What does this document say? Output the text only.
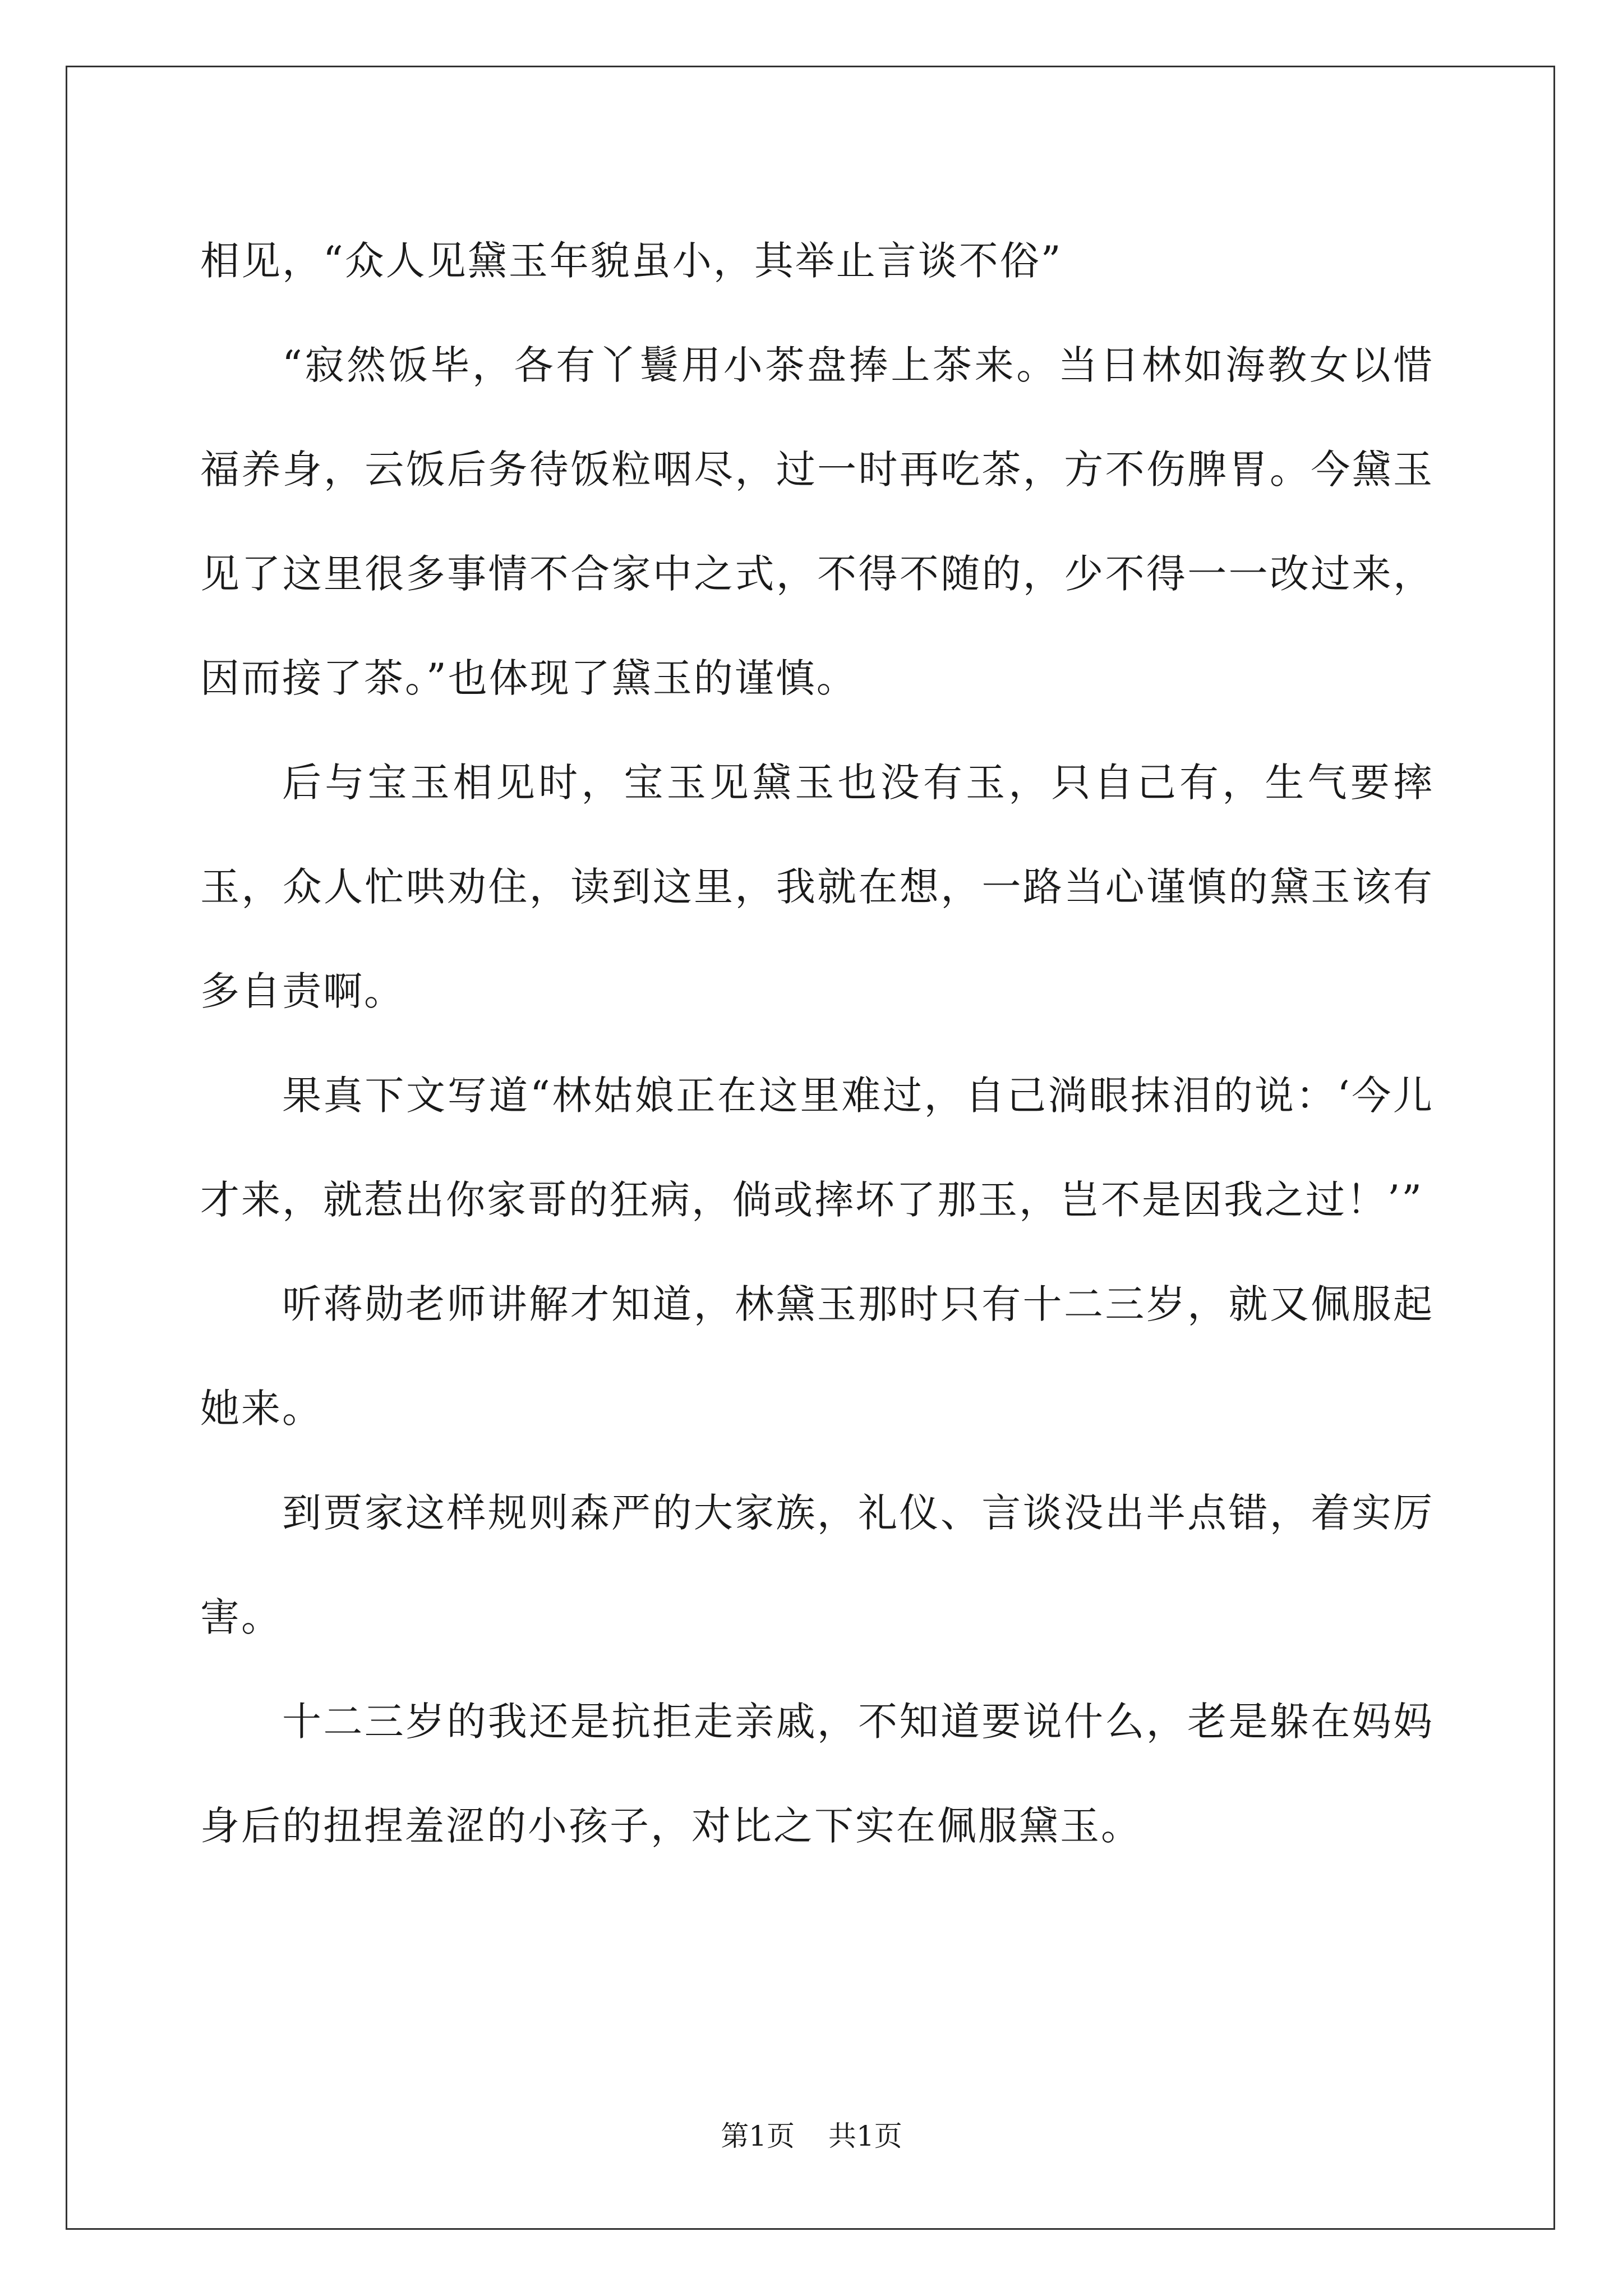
相见，“众人见黛玉年貌虽小，其举止言谈不俗”

“寂然饭毕，各有丫鬟用小茶盘捧上茶来。当日林如海教女以惜福养身，云饭后务待饭粒咽尽，过一时再吃茶，方不伤脾胃。今黛玉见了这里很多事情不合家中之式，不得不随的，少不得一一改过来，因而接了茶。”也体现了黛玉的谨慎。

后与宝玉相见时，宝玉见黛玉也没有玉，只自己有，生气要摔玉，众人忙哄劝住，读到这里，我就在想，一路当心谨慎的黛玉该有多自责啊。

果真下文写道“林姑娘正在这里难过，自己淌眼抹泪的说：‘今儿才来，就惹出你家哥的狂病，倘或摔坏了那玉，岂不是因我之过！’”

听蒋勋老师讲解才知道，林黛玉那时只有十二三岁，就又佩服起她来。

到贾家这样规则森严的大家族，礼仪、言谈没出半点错，着实厉害。

十二三岁的我还是抗拒走亲戚，不知道要说什么，老是躲在妈妈身后的扭捏羞涩的小孩子，对比之下实在佩服黛玉。

第1页 共1页
